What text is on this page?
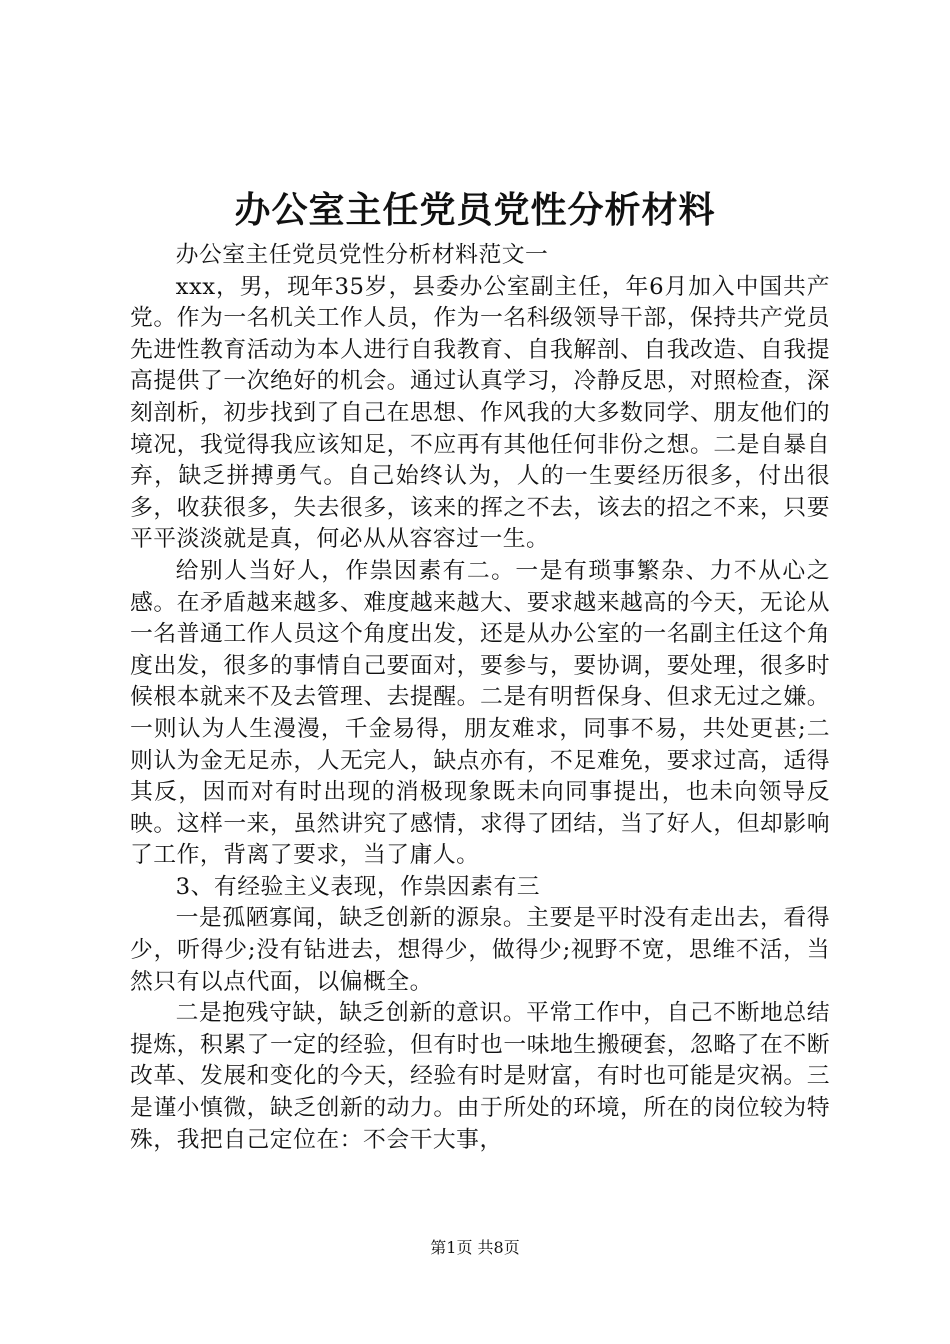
办公室主任党员党性分析材料

办公室主任党员党性分析材料范文一

xxx，男，现年35岁，县委办公室副主任，年6月加入中国共产党。作为一名机关工作人员，作为一名科级领导干部，保持共产党员先进性教育活动为本人进行自我教育、自我解剖、自我改造、自我提高提供了一次绝好的机会。通过认真学习，冷静反思，对照检查，深刻剖析，初步找到了自己在思想、作风我的大多数同学、朋友他们的境况，我觉得我应该知足，不应再有其他任何非份之想。二是自暴自弃，缺乏拼搏勇气。自己始终认为，人的一生要经历很多，付出很多，收获很多，失去很多，该来的挥之不去，该去的招之不来，只要平平淡淡就是真，何必从从容容过一生。

给别人当好人，作祟因素有二。一是有琐事繁杂、力不从心之感。在矛盾越来越多、难度越来越大、要求越来越高的今天，无论从一名普通工作人员这个角度出发，还是从办公室的一名副主任这个角度出发，很多的事情自己要面对，要参与，要协调，要处理，很多时候根本就来不及去管理、去提醒。二是有明哲保身、但求无过之嫌。一则认为人生漫漫，千金易得，朋友难求，同事不易，共处更甚;二则认为金无足赤，人无完人，缺点亦有，不足难免，要求过高，适得其反，因而对有时出现的消极现象既未向同事提出，也未向领导反映。这样一来，虽然讲究了感情，求得了团结，当了好人，但却影响了工作，背离了要求，当了庸人。

3、有经验主义表现，作祟因素有三

一是孤陋寡闻，缺乏创新的源泉。主要是平时没有走出去，看得少，听得少;没有钻进去，想得少，做得少;视野不宽，思维不活，当然只有以点代面，以偏概全。

二是抱残守缺，缺乏创新的意识。平常工作中，自己不断地总结提炼，积累了一定的经验，但有时也一味地生搬硬套，忽略了在不断改革、发展和变化的今天，经验有时是财富，有时也可能是灾祸。三是谨小慎微，缺乏创新的动力。由于所处的环境，所在的岗位较为特殊，我把自己定位在：不会干大事，

第1页 共8页
